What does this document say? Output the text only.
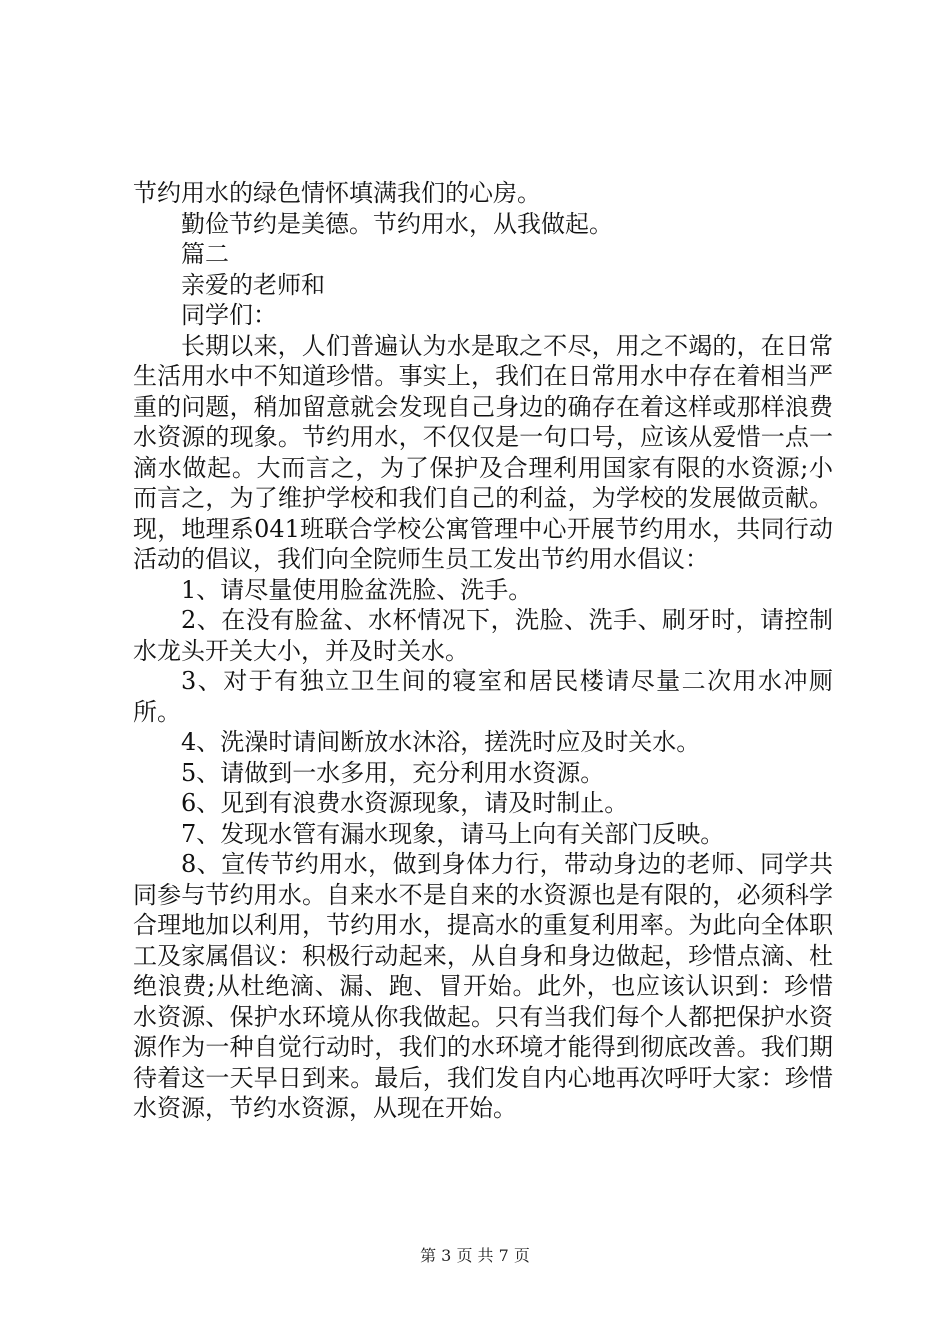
节约用水的绿色情怀填满我们的心房。

勤俭节约是美德。节约用水，从我做起。

篇二

亲爱的老师和

同学们：

长期以来，人们普遍认为水是取之不尽，用之不竭的，在日常生活用水中不知道珍惜。事实上，我们在日常用水中存在着相当严重的问题，稍加留意就会发现自己身边的确存在着这样或那样浪费水资源的现象。节约用水，不仅仅是一句口号，应该从爱惜一点一滴水做起。大而言之，为了保护及合理利用国家有限的水资源;小而言之，为了维护学校和我们自己的利益，为学校的发展做贡献。现，地理系041班联合学校公寓管理中心开展节约用水，共同行动活动的倡议，我们向全院师生员工发出节约用水倡议：

1、请尽量使用脸盆洗脸、洗手。

2、在没有脸盆、水杯情况下，洗脸、洗手、刷牙时，请控制水龙头开关大小，并及时关水。

3、对于有独立卫生间的寝室和居民楼请尽量二次用水冲厕所。

4、洗澡时请间断放水沐浴，搓洗时应及时关水。

5、请做到一水多用，充分利用水资源。

6、见到有浪费水资源现象，请及时制止。

7、发现水管有漏水现象，请马上向有关部门反映。

8、宣传节约用水，做到身体力行，带动身边的老师、同学共同参与节约用水。自来水不是自来的水资源也是有限的，必须科学合理地加以利用，节约用水，提高水的重复利用率。为此向全体职工及家属倡议：积极行动起来，从自身和身边做起，珍惜点滴、杜绝浪费;从杜绝滴、漏、跑、冒开始。此外，也应该认识到：珍惜水资源、保护水环境从你我做起。只有当我们每个人都把保护水资源作为一种自觉行动时，我们的水环境才能得到彻底改善。我们期待着这一天早日到来。最后，我们发自内心地再次呼吁大家：珍惜水资源，节约水资源，从现在开始。

第 3 页 共 7 页
